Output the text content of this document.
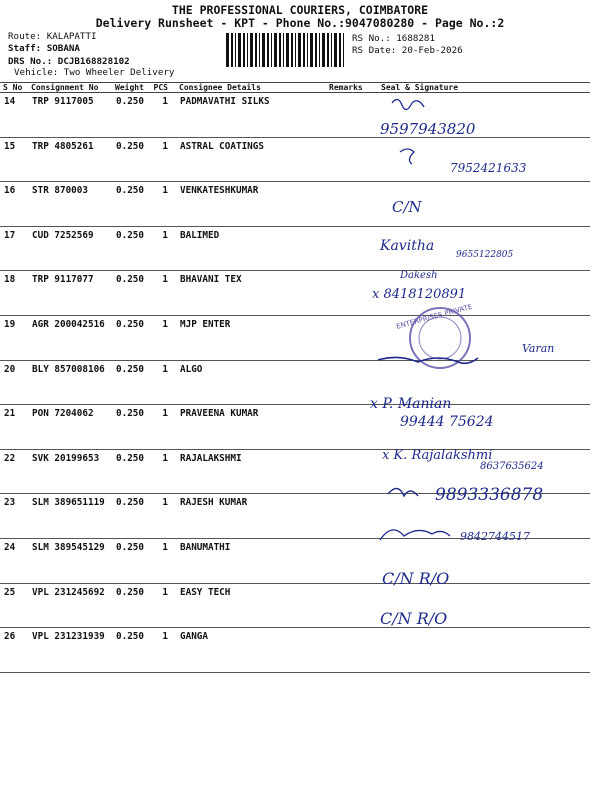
THE PROFESSIONAL COURIERS, COIMBATORE
Delivery Runsheet - KPT - Phone No.:9047080280 - Page No.:2
Route: KALAPATTI
Staff: SOBANA
DRS No.: DCJB168828102
Vehicle: Two Wheeler Delivery
RS No.: 1688281
RS Date: 20-Feb-2026
S No	Consignment No	Weight	PCS	Consignee Details	Remarks	Seal & Signature
14	TRP 9117005	0.250	1	PADMAVATHI SILKS		
15	TRP 4805261	0.250	1	ASTRAL COATINGS		
16	STR 870003	0.250	1	VENKATESHKUMAR		
17	CUD 7252569	0.250	1	BALIMED		
18	TRP 9117077	0.250	1	BHAVANI TEX		
19	AGR 200042516	0.250	1	MJP ENTER		
20	BLY 857008106	0.250	1	ALGO		
21	PON 7204062	0.250	1	PRAVEENA KUMAR		
22	SVK 20199653	0.250	1	RAJALAKSHMI		
23	SLM 389651119	0.250	1	RAJESH KUMAR		
24	SLM 389545129	0.250	1	BANUMATHI		
25	VPL 231245692	0.250	1	EASY TECH		
26	VPL 231231939	0.250	1	GANGA		
9597943820
7952421633
C/N
Kavitha
9655122805
Dakesh
x 8418120891
ENTERPRISES PRIVATE
Varan
x P. Manian
99444 75624
x K. Rajalakshmi
8637635624
9893336878
9842744517
C/N R/O
C/N R/O
